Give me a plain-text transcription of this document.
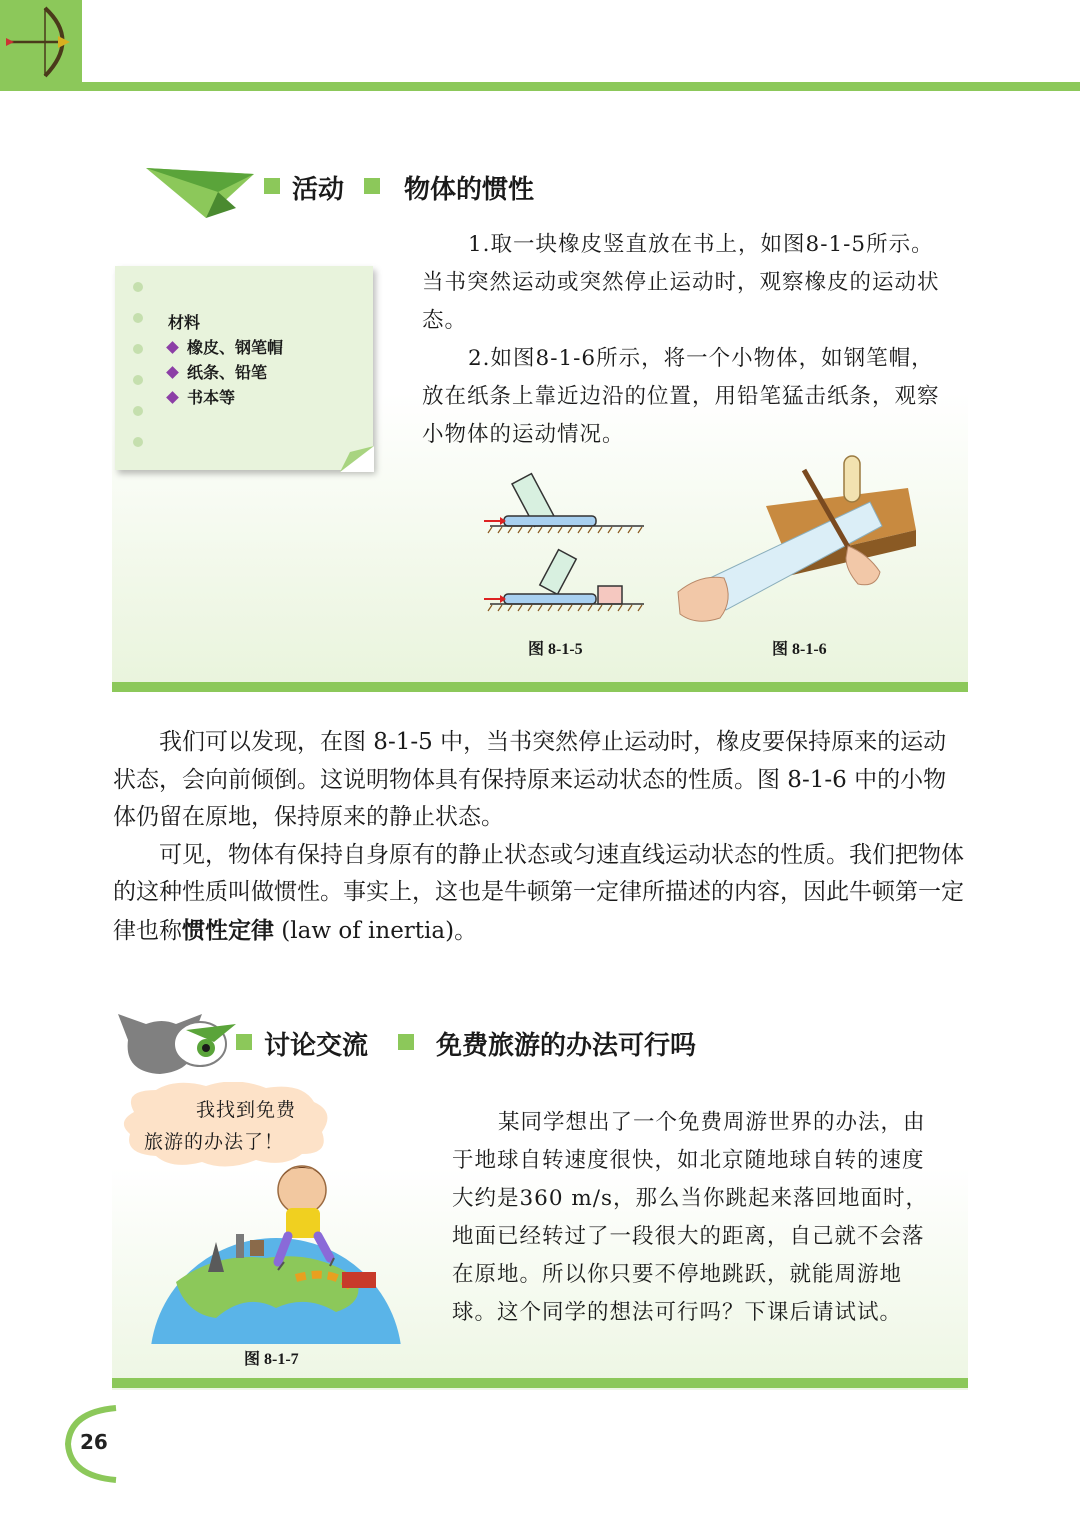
活动 物体的惯性
1.取一块橡皮竖直放在书上，如图8-1-5所示。当书突然运动或突然停止运动时，观察橡皮的运动状态。
2.如图8-1-6所示，将一个小物体，如钢笔帽，放在纸条上靠近边沿的位置，用铅笔猛击纸条，观察小物体的运动情况。
材料
橡皮、钢笔帽
纸条、铅笔
书本等
图 8-1-5	图 8-1-6

我们可以发现，在图 8-1-5 中，当书突然停止运动时，橡皮要保持原来的运动状态，会向前倾倒。这说明物体具有保持原来运动状态的性质。图 8-1-6 中的小物体仍留在原地，保持原来的静止状态。

可见，物体有保持自身原有的静止状态或匀速直线运动状态的性质。我们把物体的这种性质叫做惯性。事实上，这也是牛顿第一定律所描述的内容，因此牛顿第一定律也称惯性定律 (law of inertia)。

讨论交流	免费旅游的办法可行吗
我找到免费
旅游的办法了！
图 8-1-7
某同学想出了一个免费周游世界的办法，由于地球自转速度很快，如北京随地球自转的速度大约是360 m/s，那么当你跳起来落回地面时，地面已经转过了一段很大的距离，自己就不会落在原地。所以你只要不停地跳跃，就能周游地球。这个同学的想法可行吗？下课后请试试。
26
